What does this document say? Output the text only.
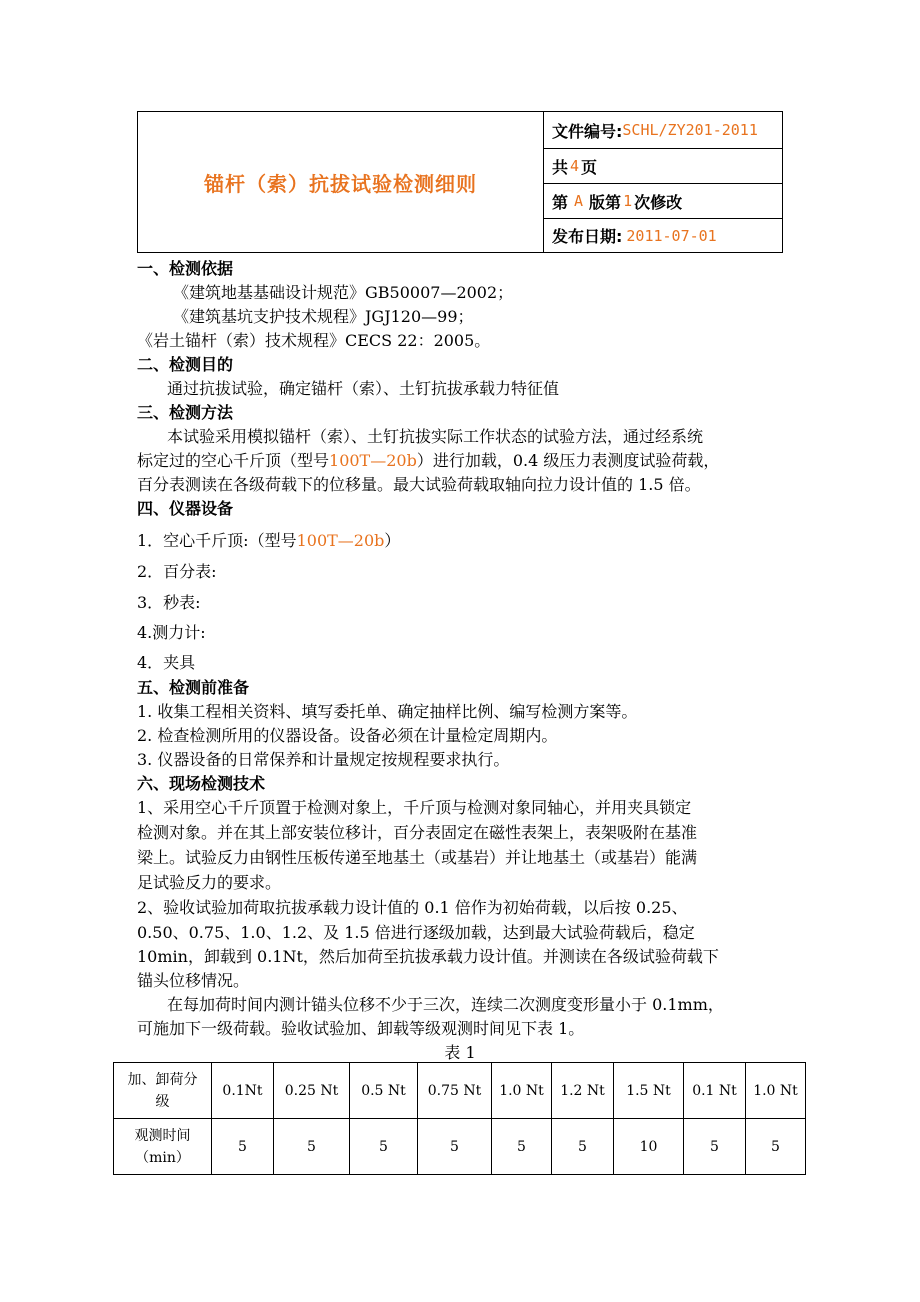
锚杆（索）抗拔试验检测细则
文件编号: SCHL/ZY201-2011
共 4 页
第 A 版第 1 次修改
发布日期: 2011-07-01
一、检测依据
《建筑地基基础设计规范》GB50007—2002；
《建筑基坑支护技术规程》JGJ120—99；
《岩土锚杆（索）技术规程》CECS 22：2005。
二、检测目的
通过抗拔试验，确定锚杆（索）、土钉抗拔承载力特征值
三、检测方法
本试验采用模拟锚杆（索）、土钉抗拔实际工作状态的试验方法，通过经系统
标定过的空心千斤顶（型号100T—20b）进行加载，0.4 级压力表测度试验荷载，
百分表测读在各级荷载下的位移量。最大试验荷载取轴向拉力设计值的 1.5 倍。
四、仪器设备
1．空心千斤顶:（型号100T—20b）
2．百分表:
3．秒表:
4.测力计:
4．夹具
五、检测前准备
1. 收集工程相关资料、填写委托单、确定抽样比例、编写检测方案等。
2. 检查检测所用的仪器设备。设备必须在计量检定周期内。
3. 仪器设备的日常保养和计量规定按规程要求执行。
六、现场检测技术
1、采用空心千斤顶置于检测对象上，千斤顶与检测对象同轴心，并用夹具锁定
检测对象。并在其上部安装位移计，百分表固定在磁性表架上，表架吸附在基准
梁上。试验反力由钢性压板传递至地基土（或基岩）并让地基土（或基岩）能满
足试验反力的要求。
2、验收试验加荷取抗拔承载力设计值的 0.1 倍作为初始荷载，以后按 0.25、
0.50、0.75、1.0、1.2、及 1.5 倍进行逐级加载，达到最大试验荷载后，稳定
10min，卸载到 0.1Nt，然后加荷至抗拔承载力设计值。并测读在各级试验荷载下
锚头位移情况。
在每加荷时间内测计锚头位移不少于三次，连续二次测度变形量小于 0.1mm，
可施加下一级荷载。验收试验加、卸载等级观测时间见下表 1。
表 1
加、卸荷分
级	0.1Nt	0.25 Nt	0.5 Nt	0.75 Nt	1.0 Nt	1.2 Nt	1.5 Nt	0.1 Nt	1.0 Nt

观测时间
（min）	5	5	5	5	5	5	10	5	5
